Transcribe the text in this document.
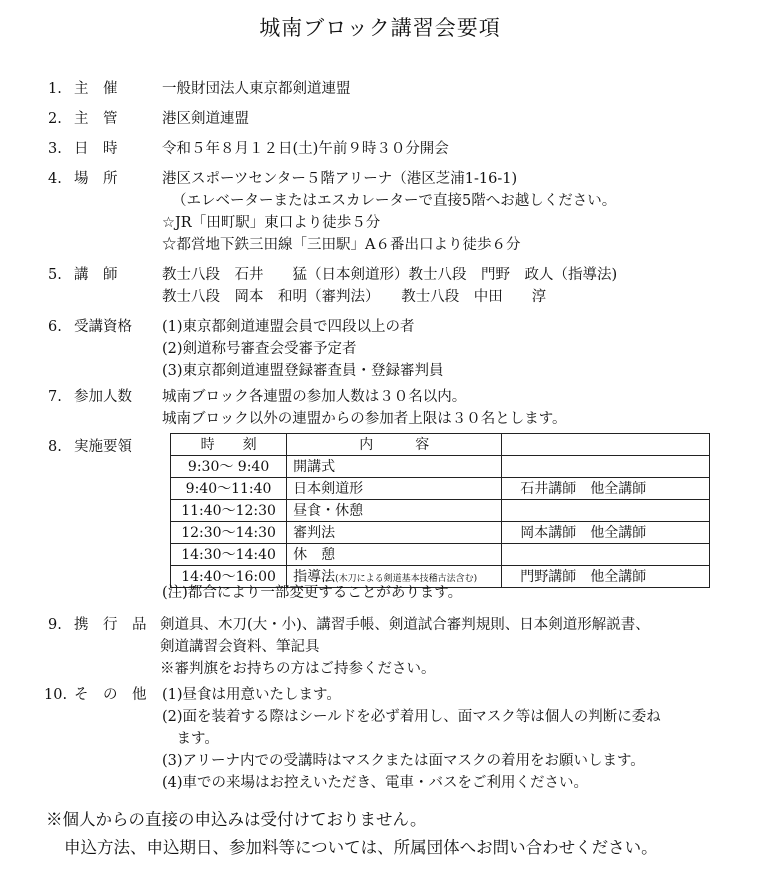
城南ブロック講習会要項
1. 主　催	一般財団法人東京都剣道連盟
2. 主　管	港区剣道連盟
3. 日　時	令和５年８月１２日(土)午前９時３０分開会
4. 場　所	港区スポーツセンター５階アリーナ（港区芝浦1-16-1)
（エレベーターまたはエスカレーターで直接5階へお越しください。
☆JR「田町駅」東口より徒歩５分
☆都営地下鉄三田線「三田駅」A６番出口より徒歩６分
5. 講　師	教士八段　石井　　猛（日本剣道形）教士八段　門野　政人（指導法)
教士八段　岡本　和明（審判法）　　教士八段　中田　　淳
6. 受講資格	(1)東京都剣道連盟会員で四段以上の者
(2)剣道称号審査会受審予定者
(3)東京都剣道連盟登録審査員・登録審判員
7. 参加人数	城南ブロック各連盟の参加人数は３０名以内。
城南ブロック以外の連盟からの参加者上限は３０名とします。
8. 実施要領	時　　刻	内　　　容	
9:30～ 9:40	開講式	
9:40～11:40	日本剣道形	石井講師　他全講師
11:40～12:30	昼食・休憩	
12:30～14:30	審判法	岡本講師　他全講師
14:30～14:40	休　憩	
14:40～16:00	指導法(木刀による剣道基本技稽古法含む)	門野講師　他全講師
(注)都合により一部変更することがあります。
9. 携　行　品 剣道具、木刀(大・小)、講習手帳、剣道試合審判規則、日本剣道形解説書、
剣道講習会資料、筆記具
※審判旗をお持ちの方はご持参ください。
10. そ　の　他	(1)昼食は用意いたします。
(2)面を装着する際はシールドを必ず着用し、面マスク等は個人の判断に委ね
　ます。
(3)アリーナ内での受講時はマスクまたは面マスクの着用をお願いします。
(4)車での来場はお控えいただき、電車・バスをご利用ください。
※個人からの直接の申込みは受付けておりません。
申込方法、申込期日、参加料等については、所属団体へお問い合わせください。
